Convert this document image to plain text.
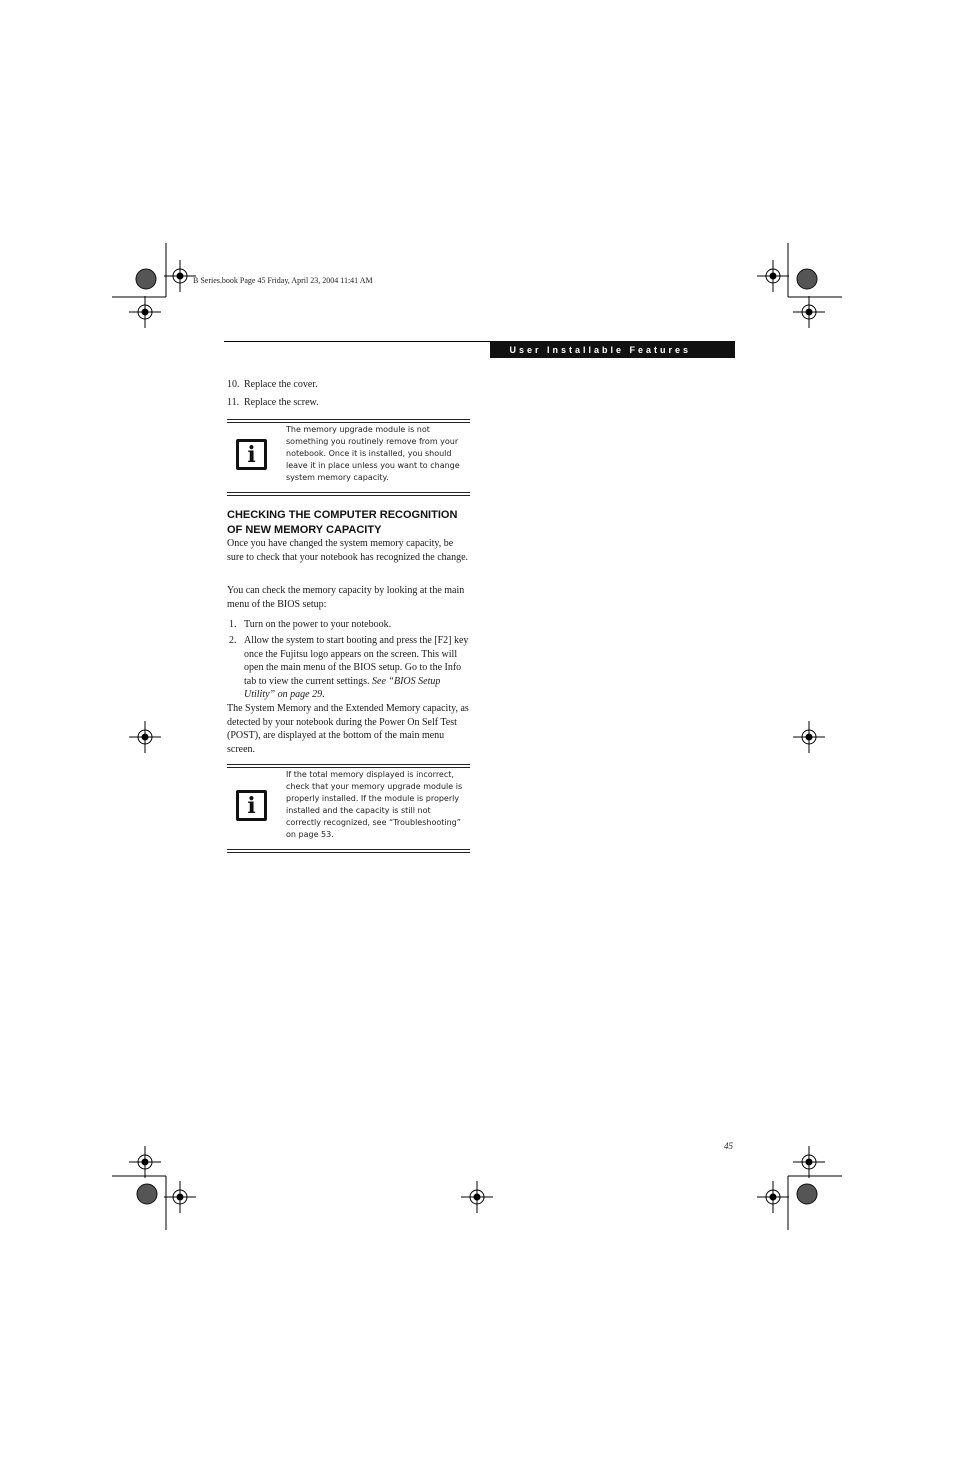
B Series.book Page 45 Friday, April 23, 2004 11:41 AM
User Installable Features
10. Replace the cover.
11. Replace the screw.
i
The memory upgrade module is not something you routinely remove from your notebook. Once it is installed, you should leave it in place unless you want to change system memory capacity.

CHECKING THE COMPUTER RECOGNITION

OF NEW MEMORY CAPACITY

Once you have changed the system memory capacity, be sure to check that your notebook has recognized the change.

You can check the memory capacity by looking at the main menu of the BIOS setup:

1. Turn on the power to your notebook.
2. Allow the system to start booting and press the [F2] key once the Fujitsu logo appears on the screen. This will open the main menu of the BIOS setup. Go to the Info tab to view the current settings. See “BIOS Setup Utility” on page 29.

The System Memory and the Extended Memory capacity, as detected by your notebook during the Power On Self Test (POST), are displayed at the bottom of the main menu screen.

i
If the total memory displayed is incorrect, check that your memory upgrade module is properly installed. If the module is properly installed and the capacity is still not correctly recognized, see “Troubleshooting” on page 53.
45
